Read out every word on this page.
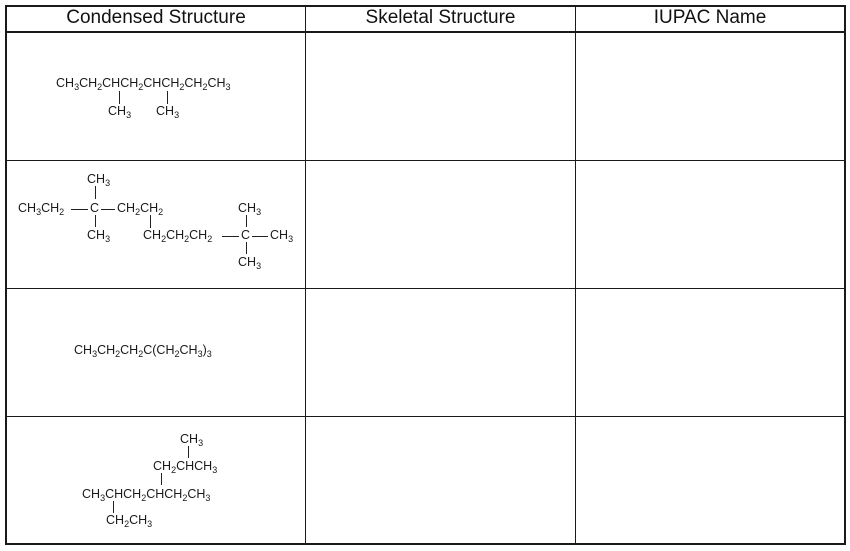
Condensed Structure	Skeletal Structure	IUPAC Name
$CH_3CH_2CHCH_2CHCH_2CH_2CH_3$
$CH_3$ $CH_3$
$CH_3$
$CH_3CH_2$ C $CH_2CH_2$
$CH_3$
$CH_3$
$CH_2CH_2CH_2$ C $CH_3$
$CH_3$
$CH_3CH_2CH_2C(CH_2CH_3)_3$
$CH_3$
$CH_2CHCH_3$
$CH_3CHCH_2CHCH_2CH_3$
$CH_2CH_3$
